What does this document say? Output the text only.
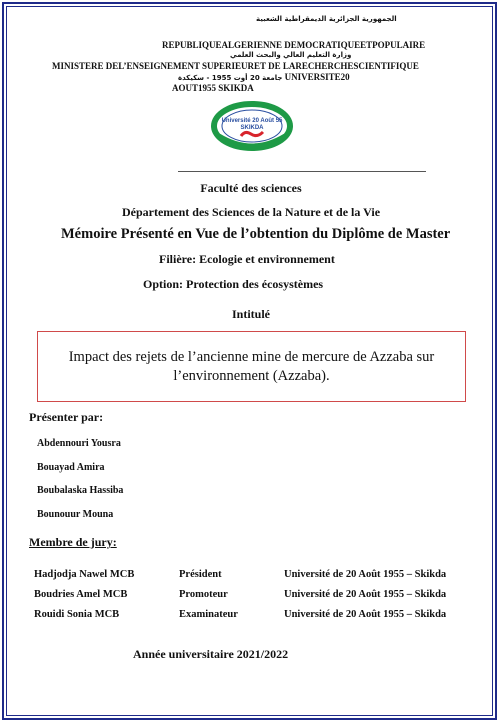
الجمهورية الجزائرية الديمقراطية الشعبية
REPUBLIQUEALGERIENNE DEMOCRATIQUEETPOPULAIRE
وزارة التعليم العالي والبحث العلمي
MINISTERE DEL’ENSEIGNEMENT SUPERIEURET DE LARECHERCHESCIENTIFIQUE
جامعة 20 أوت 1955 - سكيكدة UNIVERSITE20
AOUT1955 SKIKDA
Université 20 Août 55
SKIKDA
Faculté des sciences
Département des Sciences de la Nature et de la Vie
Mémoire Présenté en Vue de l’obtention du Diplôme de Master
Filière: Ecologie et environnement
Option: Protection des écosystèmes
Intitulé
Impact des rejets de l’ancienne mine de mercure de Azzaba sur l’environnement (Azzaba).
Présenter par:
Abdennouri Yousra
Bouayad Amira
Boubalaska Hassiba
Bounouur Mouna
Membre de jury:
Hadjodja Nawel MCB	Président	Université de 20 Août 1955 – Skikda
Boudries Amel MCB	Promoteur	Université de 20 Août 1955 – Skikda
Rouidi Sonia MCB	Examinateur	Université de 20 Août 1955 – Skikda
Année universitaire 2021/2022
